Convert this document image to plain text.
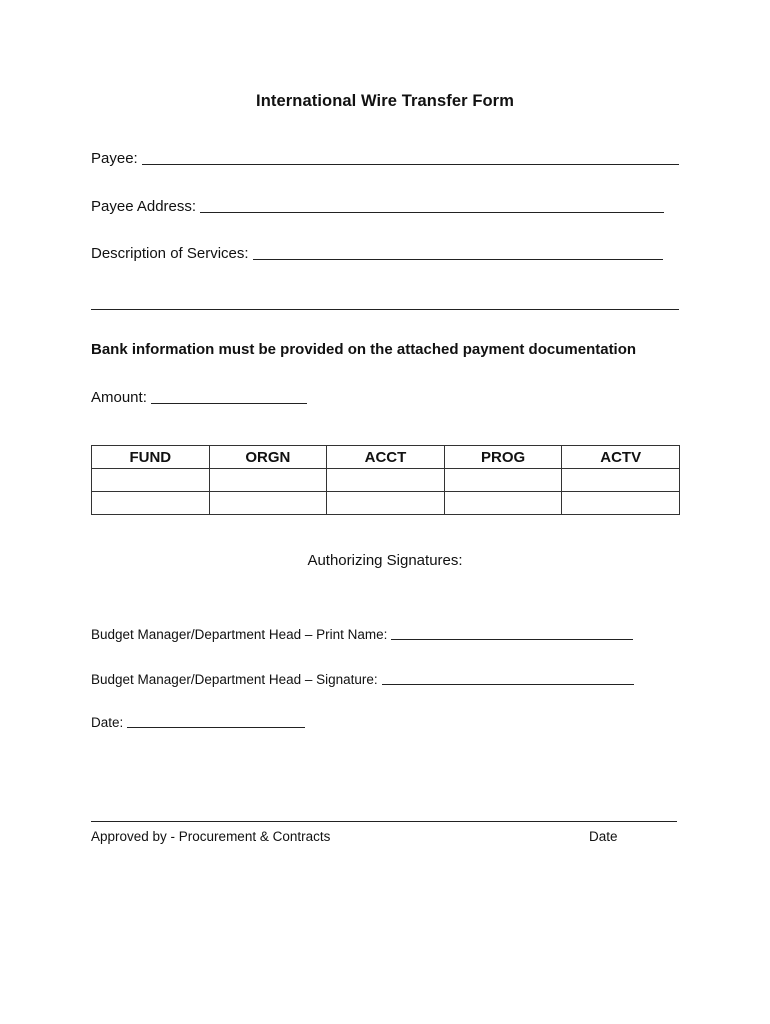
International Wire Transfer Form
Payee:
Payee Address:
Description of Services:
Bank information must be provided on the attached payment documentation
Amount:
FUND	ORGN	ACCT	PROG	ACTV

Authorizing Signatures:
Budget Manager/Department Head – Print Name:
Budget Manager/Department Head – Signature:
Date:
Approved by - Procurement & Contracts	Date
